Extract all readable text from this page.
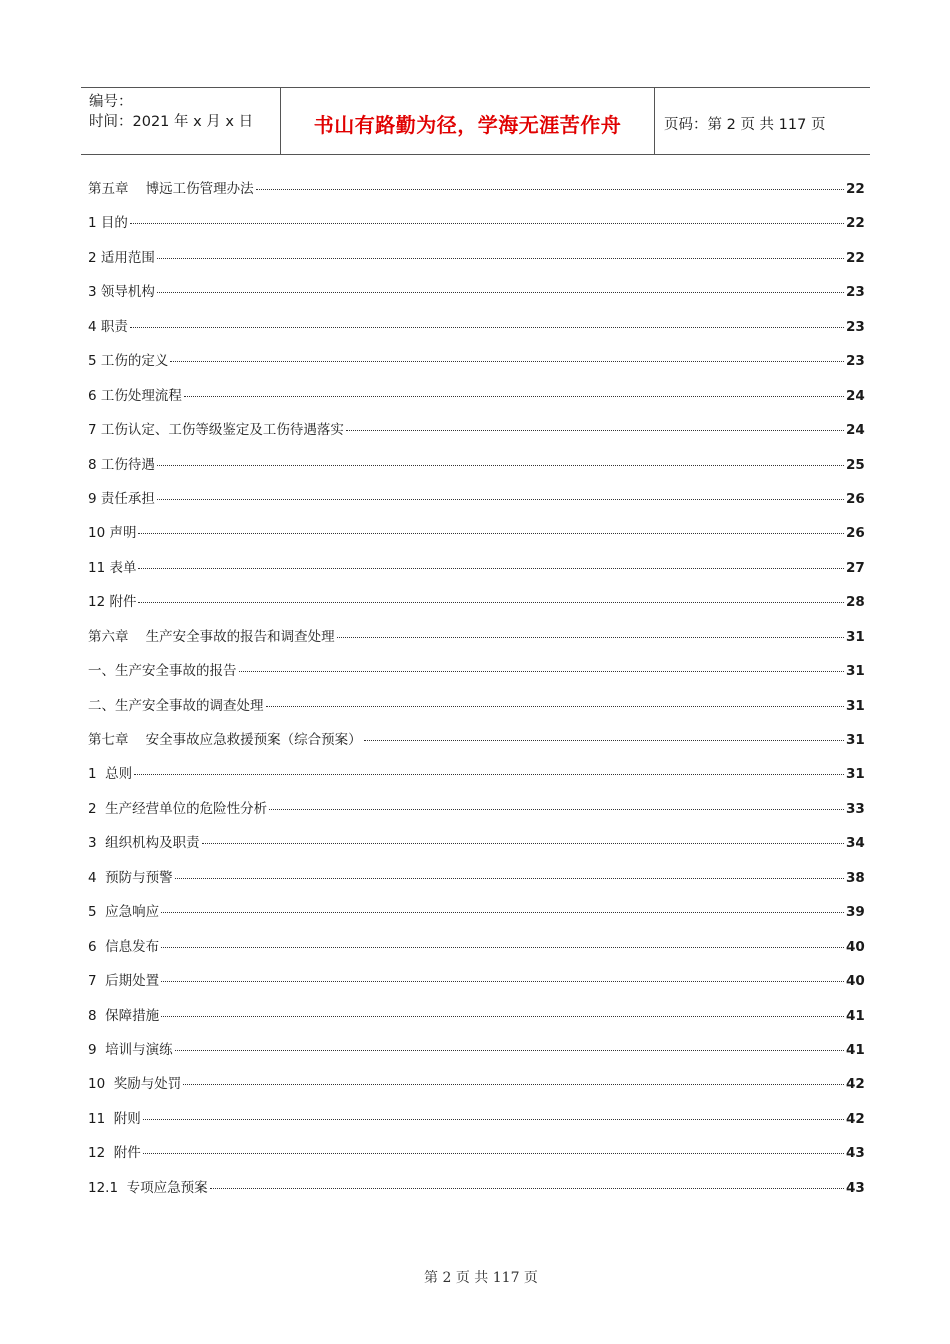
编号：
时间：2021 年 x 月 x 日	书山有路勤为径，学海无涯苦作舟	页码：第 2 页 共 117 页
第五章    博远工伤管理办法	22
1 目的	22
2 适用范围	22
3 领导机构	23
4 职责	23
5 工伤的定义	23
6 工伤处理流程	24
7 工伤认定、工伤等级鉴定及工伤待遇落实	24
8 工伤待遇	25
9 责任承担	26
10 声明	26
11 表单	27
12 附件	28
第六章    生产安全事故的报告和调查处理	31
一、生产安全事故的报告	31
二、生产安全事故的调查处理	31
第七章    安全事故应急救援预案（综合预案）	31
1  总则	31
2  生产经营单位的危险性分析	33
3  组织机构及职责	34
4  预防与预警	38
5  应急响应	39
6  信息发布	40
7  后期处置	40
8  保障措施	41
9  培训与演练	41
10  奖励与处罚	42
11  附则	42
12  附件	43
12.1  专项应急预案	43
第 2 页 共 117 页
